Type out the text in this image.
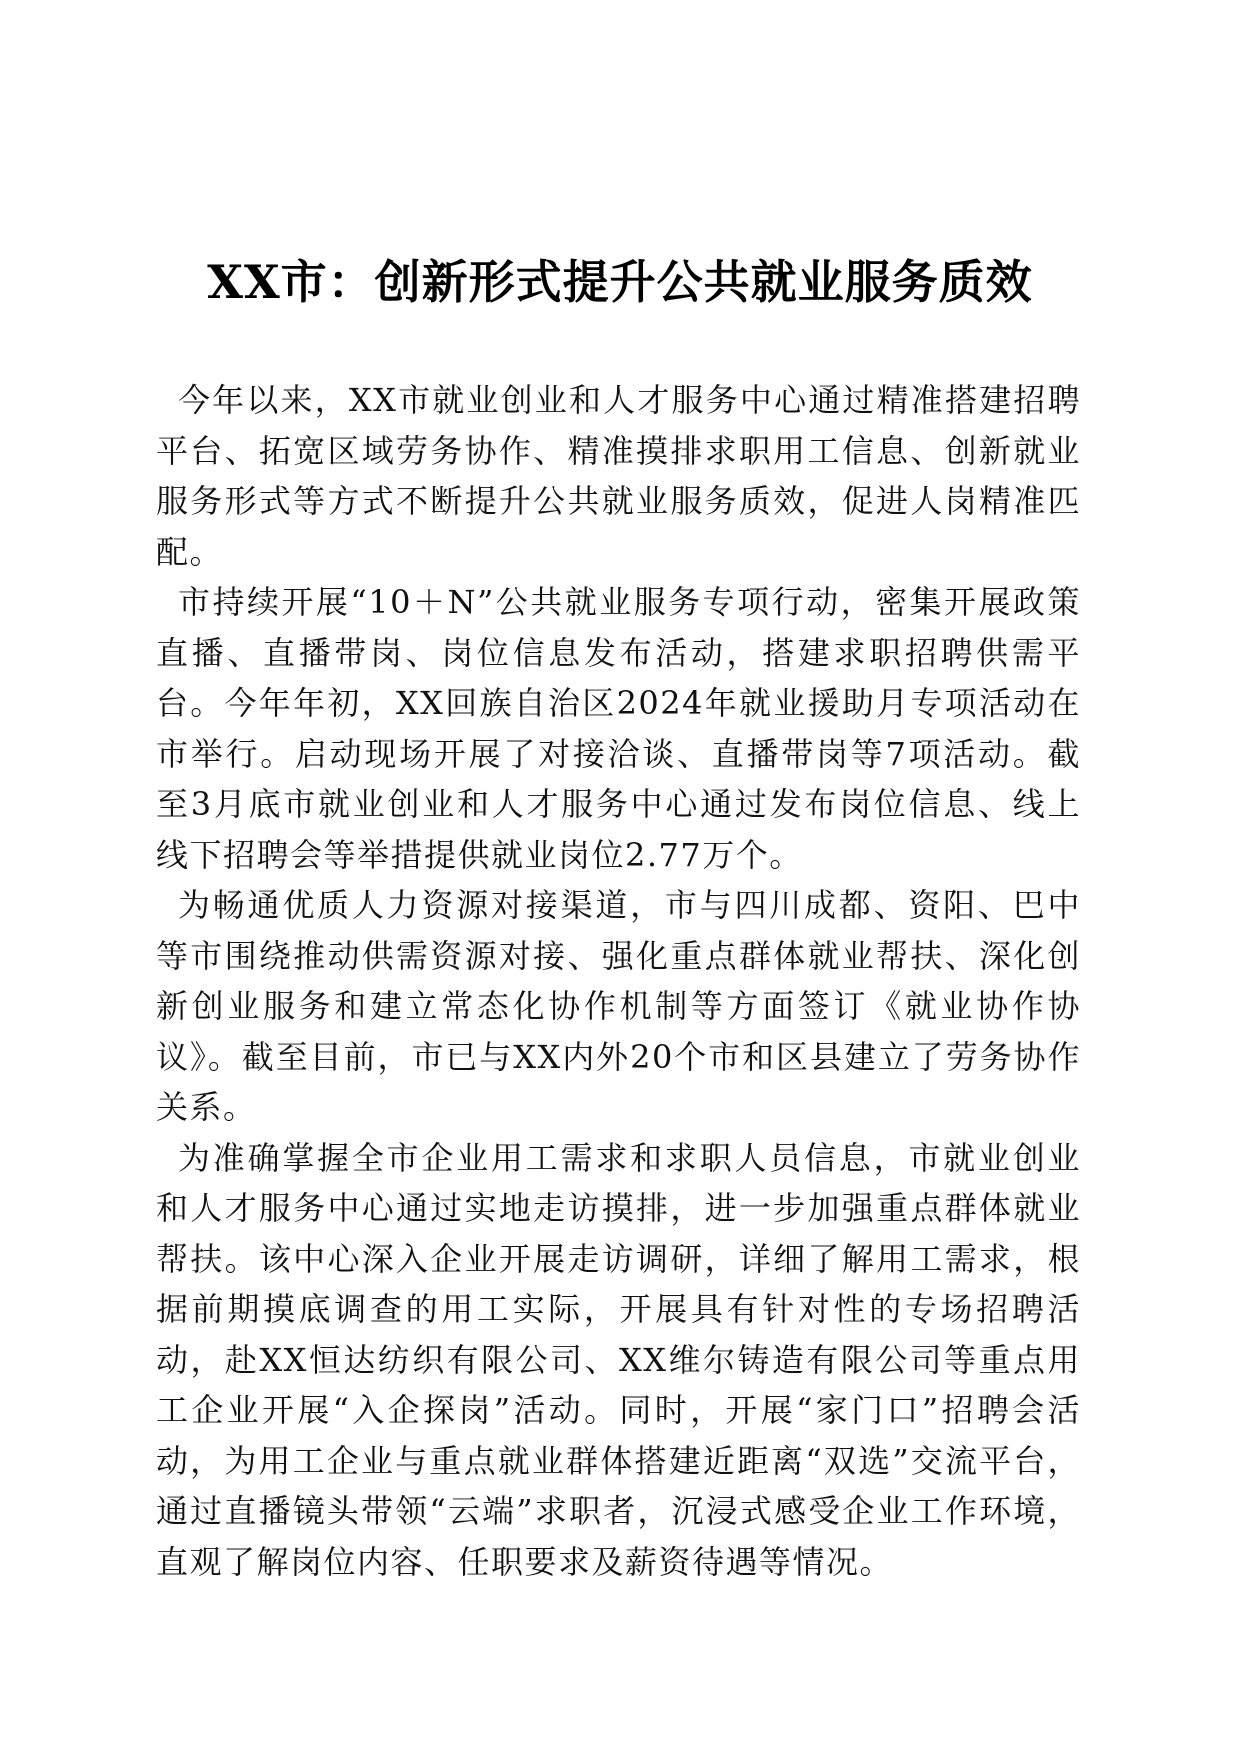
XX市：创新形式提升公共就业服务质效

今年以来，XX市就业创业和人才服务中心通过精准搭建招聘平台、拓宽区域劳务协作、精准摸排求职用工信息、创新就业服务形式等方式不断提升公共就业服务质效，促进人岗精准匹配。

市持续开展“10＋N”公共就业服务专项行动，密集开展政策直播、直播带岗、岗位信息发布活动，搭建求职招聘供需平台。今年年初，XX回族自治区2024年就业援助月专项活动在市举行。启动现场开展了对接洽谈、直播带岗等7项活动。截至3月底市就业创业和人才服务中心通过发布岗位信息、线上线下招聘会等举措提供就业岗位2.77万个。

为畅通优质人力资源对接渠道，市与四川成都、资阳、巴中等市围绕推动供需资源对接、强化重点群体就业帮扶、深化创新创业服务和建立常态化协作机制等方面签订《就业协作协议》。截至目前，市已与XX内外20个市和区县建立了劳务协作关系。

为准确掌握全市企业用工需求和求职人员信息，市就业创业和人才服务中心通过实地走访摸排，进一步加强重点群体就业帮扶。该中心深入企业开展走访调研，详细了解用工需求，根据前期摸底调查的用工实际，开展具有针对性的专场招聘活动，赴XX恒达纺织有限公司、XX维尔铸造有限公司等重点用工企业开展“入企探岗”活动。同时，开展“家门口”招聘会活动，为用工企业与重点就业群体搭建近距离“双选”交流平台，通过直播镜头带领“云端”求职者，沉浸式感受企业工作环境，直观了解岗位内容、任职要求及薪资待遇等情况。
